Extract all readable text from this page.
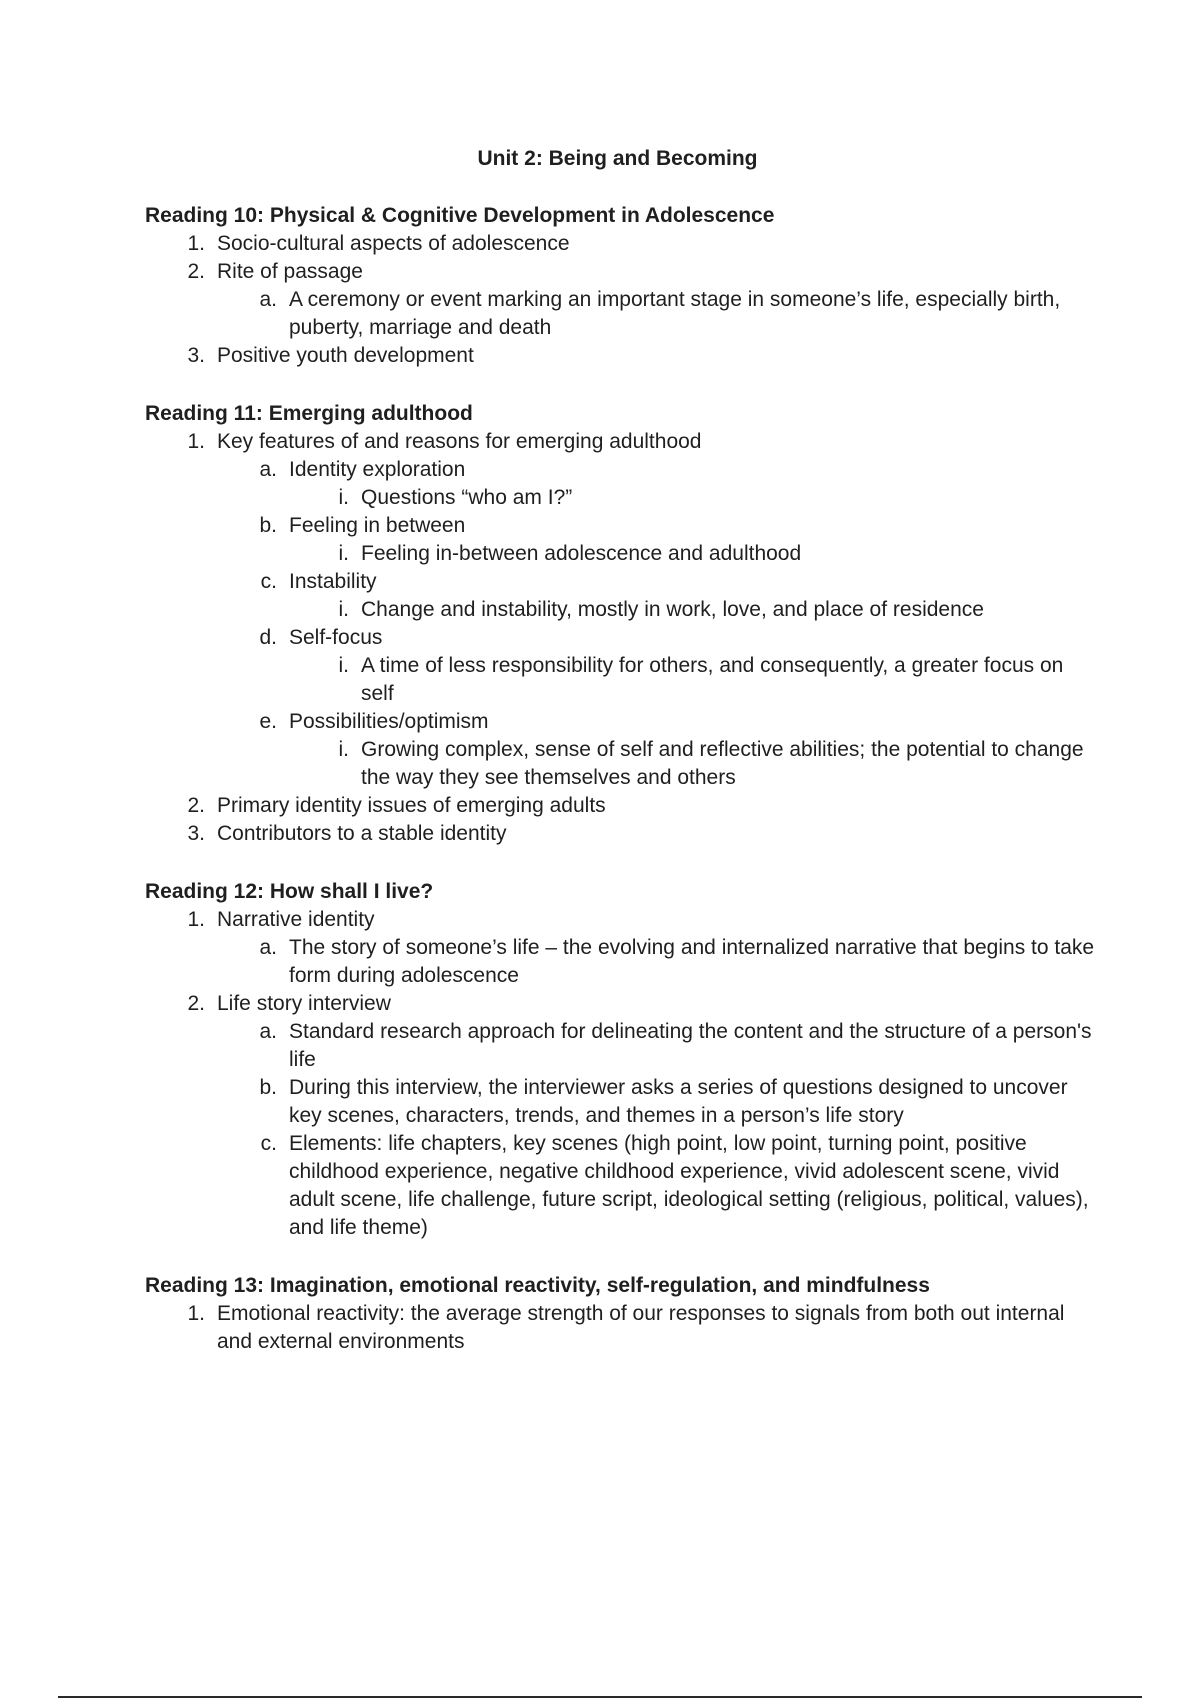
Unit 2: Being and Becoming
Reading 10: Physical & Cognitive Development in Adolescence
1. Socio-cultural aspects of adolescence
2. Rite of passage
a. A ceremony or event marking an important stage in someone’s life, especially birth, puberty, marriage and death
3. Positive youth development
Reading 11: Emerging adulthood
1. Key features of and reasons for emerging adulthood
a. Identity exploration
i. Questions “who am I?”
b. Feeling in between
i. Feeling in-between adolescence and adulthood
c. Instability
i. Change and instability, mostly in work, love, and place of residence
d. Self-focus
i. A time of less responsibility for others, and consequently, a greater focus on self
e. Possibilities/optimism
i. Growing complex, sense of self and reflective abilities; the potential to change the way they see themselves and others
2. Primary identity issues of emerging adults
3. Contributors to a stable identity
Reading 12: How shall I live?
1. Narrative identity
a. The story of someone’s life – the evolving and internalized narrative that begins to take form during adolescence
2. Life story interview
a. Standard research approach for delineating the content and the structure of a person's life
b. During this interview, the interviewer asks a series of questions designed to uncover key scenes, characters, trends, and themes in a person’s life story
c. Elements: life chapters, key scenes (high point, low point, turning point, positive childhood experience, negative childhood experience, vivid adolescent scene, vivid adult scene, life challenge, future script, ideological setting (religious, political, values), and life theme)
Reading 13: Imagination, emotional reactivity, self-regulation, and mindfulness
1. Emotional reactivity: the average strength of our responses to signals from both out internal and external environments
